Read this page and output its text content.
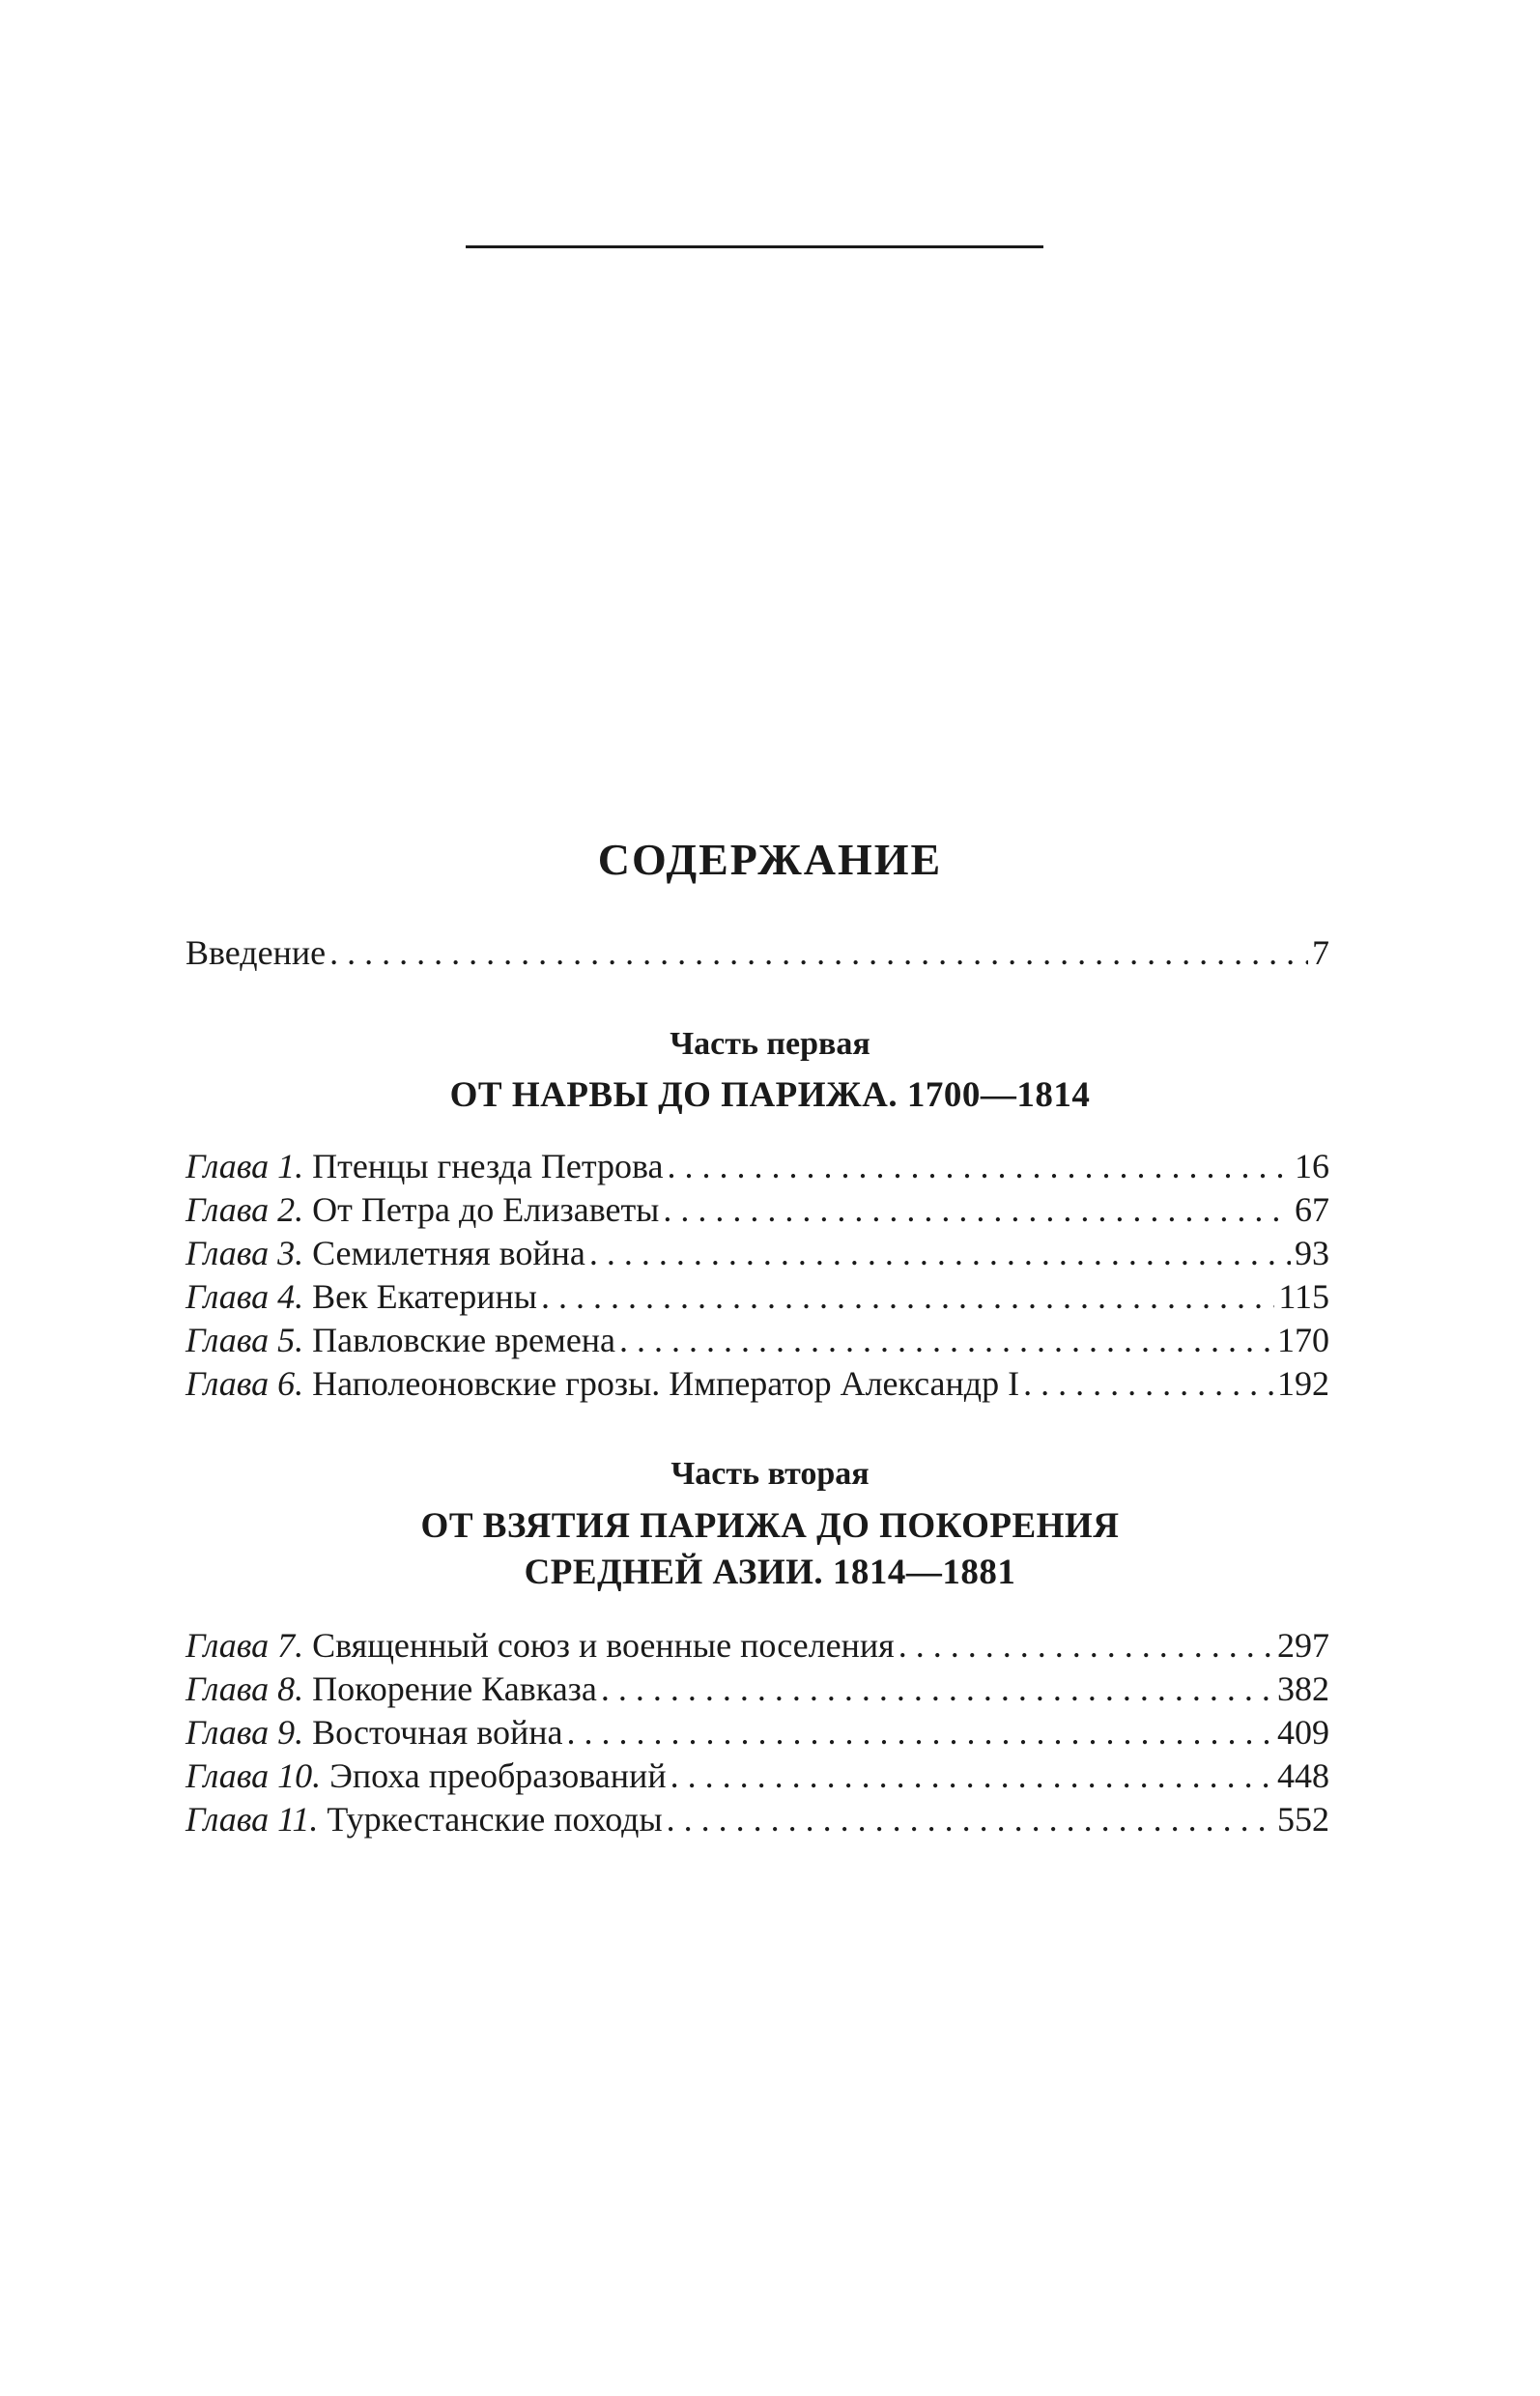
СОДЕРЖАНИЕ
Введение . . .	7
Часть первая
ОТ НАРВЫ ДО ПАРИЖА. 1700—1814
Глава 1. Птенцы гнезда Петрова . . .	16
Глава 2. От Петра до Елизаветы . . .	67
Глава 3. Семилетняя война . . .	93
Глава 4. Век Екатерины . . .	115
Глава 5. Павловские времена . . .	170
Глава 6. Наполеоновские грозы. Император Александр I . . .	192
Часть вторая
ОТ ВЗЯТИЯ ПАРИЖА ДО ПОКОРЕНИЯ
СРЕДНЕЙ АЗИИ. 1814—1881
Глава 7. Священный союз и военные поселения . . .	297
Глава 8. Покорение Кавказа . . .	382
Глава 9. Восточная война . . .	409
Глава 10. Эпоха преобразований . . .	448
Глава 11. Туркестанские походы . . .	552
